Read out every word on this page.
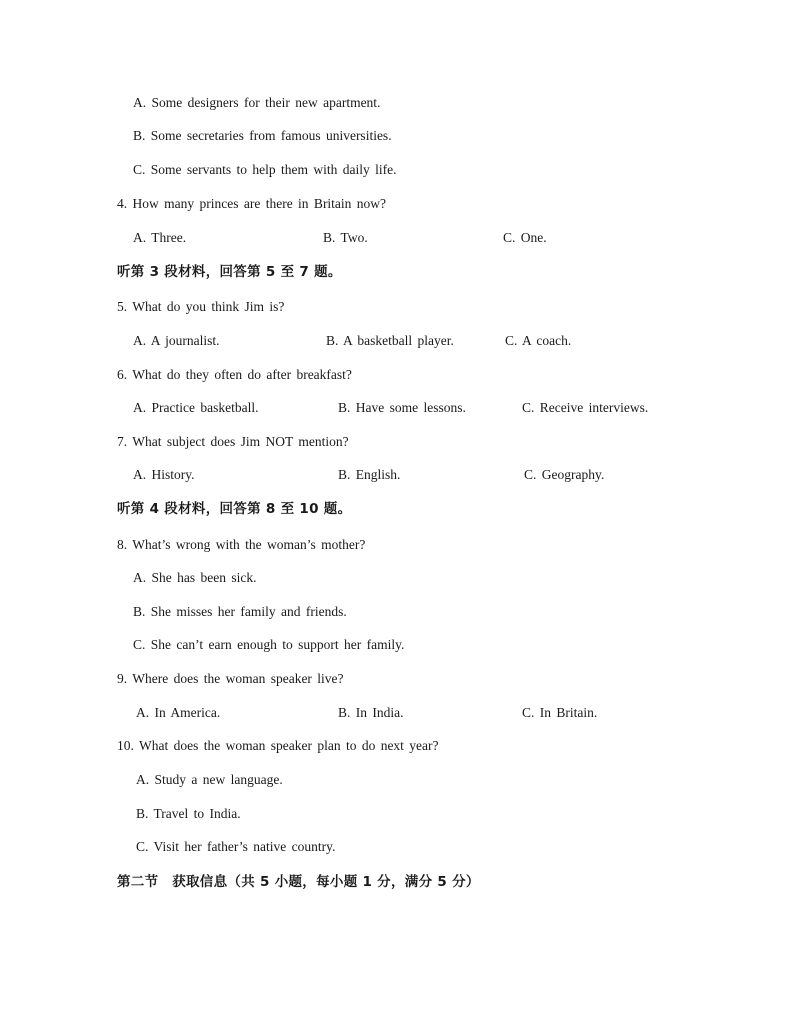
A. Some designers for their new apartment.
B. Some secretaries from famous universities.
C. Some servants to help them with daily life.
4. How many princes are there in Britain now?
A. Three.	B. Two.	C. One.
听第 3 段材料，回答第 5 至 7 题。
5. What do you think Jim is?
A. A journalist.	B. A basketball player.	C. A coach.
6. What do they often do after breakfast?
A. Practice basketball.	B. Have some lessons.	C. Receive interviews.
7. What subject does Jim NOT mention?
A. History.	B. English.	C. Geography.
听第 4 段材料，回答第 8 至 10 题。
8. What’s wrong with the woman’s mother?
A. She has been sick.
B. She misses her family and friends.
C. She can’t earn enough to support her family.
9. Where does the woman speaker live?
A. In America.	B. In India.	C. In Britain.
10. What does the woman speaker plan to do next year?
A. Study a new language.
B. Travel to India.
C. Visit her father’s native country.
第二节　获取信息（共 5 小题，每小题 1 分，满分 5 分）
